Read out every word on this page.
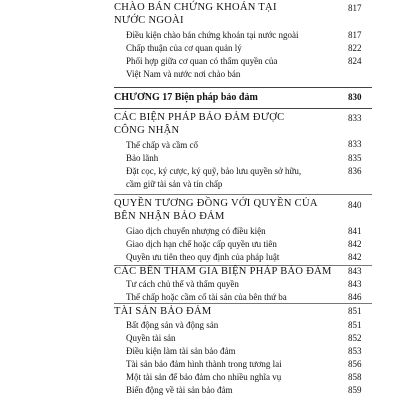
CHÀO BÁN CHỨNG KHOÁN TẠI	817
NƯỚC NGOÀI
Điều kiện chào bán chứng khoán tại nước ngoài	817
Chấp thuận của cơ quan quản lý	822
Phối hợp giữa cơ quan có thẩm quyền của	824
Việt Nam và nước nơi chào bán
CHƯƠNG 17 Biện pháp bảo đảm	830
CÁC BIỆN PHÁP BẢO ĐẢM ĐƯỢC	833
CÔNG NHẬN
Thế chấp và cầm cố	833
Bảo lãnh	835
Đặt cọc, ký cược, ký quỹ, bảo lưu quyền sở hữu,	836
cầm giữ tài sản và tín chấp
QUYỀN TƯƠNG ĐỒNG VỚI QUYỀN CỦA	840
BÊN NHẬN BẢO ĐẢM
Giao dịch chuyển nhượng có điều kiện	841
Giao dịch hạn chế hoặc cấp quyền ưu tiên	842
Quyền ưu tiên theo quy định của pháp luật	842
CÁC BÊN THAM GIA BIỆN PHÁP BẢO ĐẢM 843
Tư cách chủ thể và thẩm quyền	843
Thế chấp hoặc cầm cố tài sản của bên thứ ba	846
TÀI SẢN BẢO ĐẢM	851
Bất động sản và động sản	851
Quyền tài sản	852
Điều kiện làm tài sản bảo đảm	853
Tài sản bảo đảm hình thành trong tương lai	856
Một tài sản để bảo đảm cho nhiều nghĩa vụ	858
Biến động về tài sản bảo đảm	859
